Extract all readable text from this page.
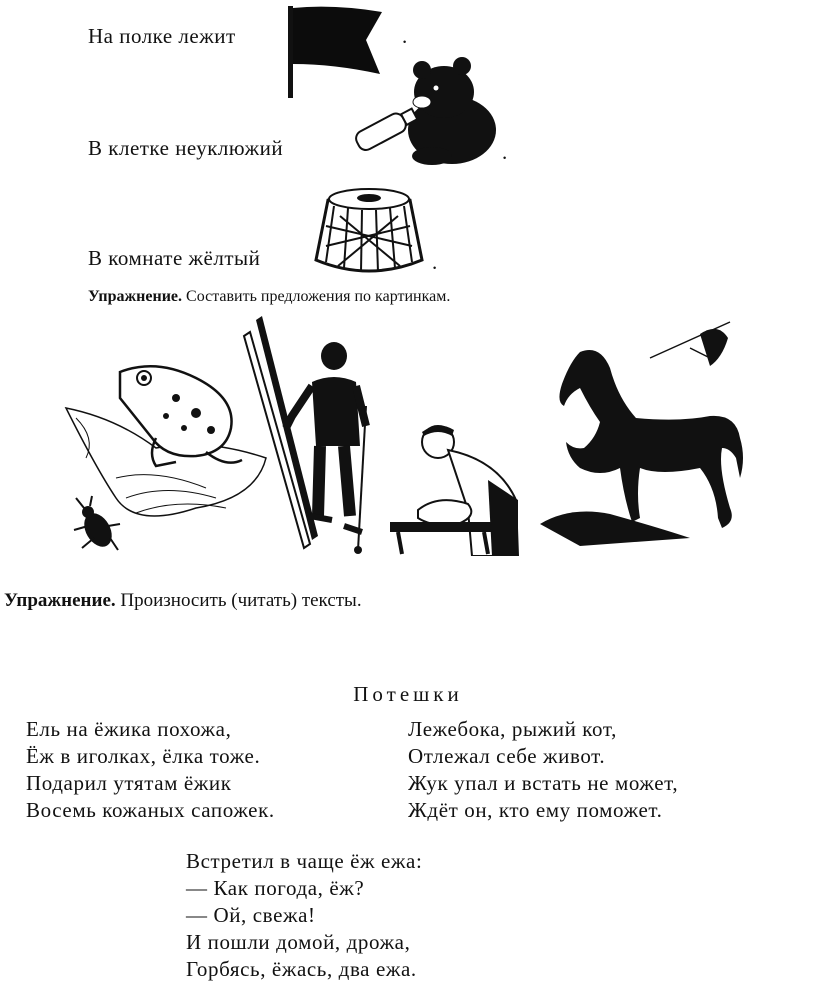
На полке лежит	.
В клетке неуклюжий	.
В комнате жёлтый	.
Упражнение. Составить предложения по картинкам.
Упражнение. Произносить (читать) тексты.
Потешки
Ель на ёжика похожа,
Ёж в иголках, ёлка тоже.
Подарил утятам ёжик
Восемь кожаных сапожек.
Лежебока, рыжий кот,
Отлежал себе живот.
Жук упал и встать не может,
Ждёт он, кто ему поможет.
Встретил в чаще ёж ежа:
— Как погода, ёж?
— Ой, свежа!
И пошли домой, дрожа,
Горбясь, ёжась, два ежа.
